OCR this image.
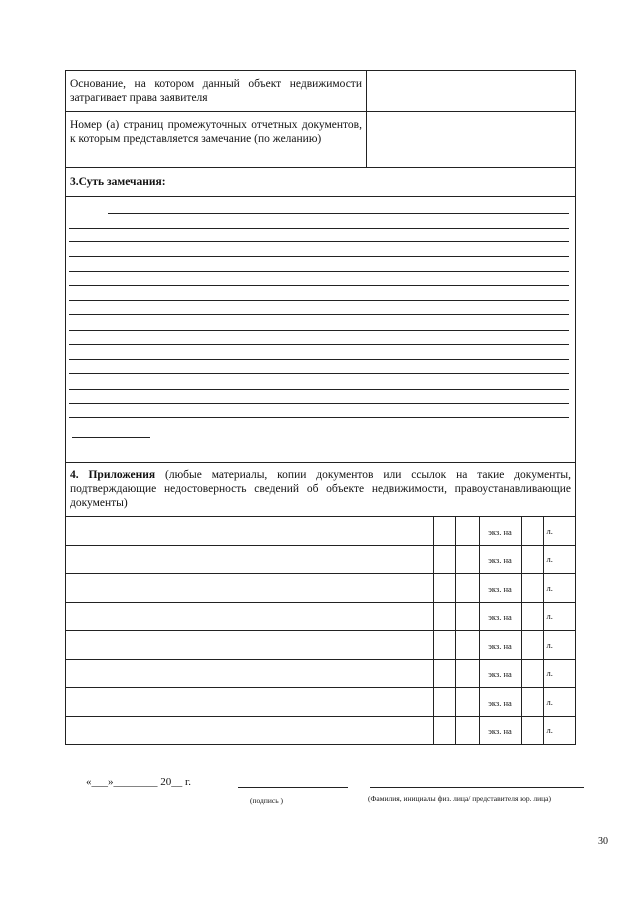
Основание, на котором данный объект недвижимости затрагивает права заявителя
Номер (а) страниц промежуточных отчетных документов, к которым представляется замечание (по желанию)
3.Суть замечания:
4. Приложения (любые материалы, копии документов или ссылок на такие документы, подтверждающие недостоверность сведений об объекте недвижимости, правоустанавливающие документы)
			экз. на		л.
			экз. на		л.
			экз. на		л.
			экз. на		л.
			экз. на		л.
			экз. на		л.
			экз. на		л.
			экз. на		л.
«___»________ 20__ г.
(подпись )	(Фамилия, инициалы физ. лица/ представителя юр. лица)
30
